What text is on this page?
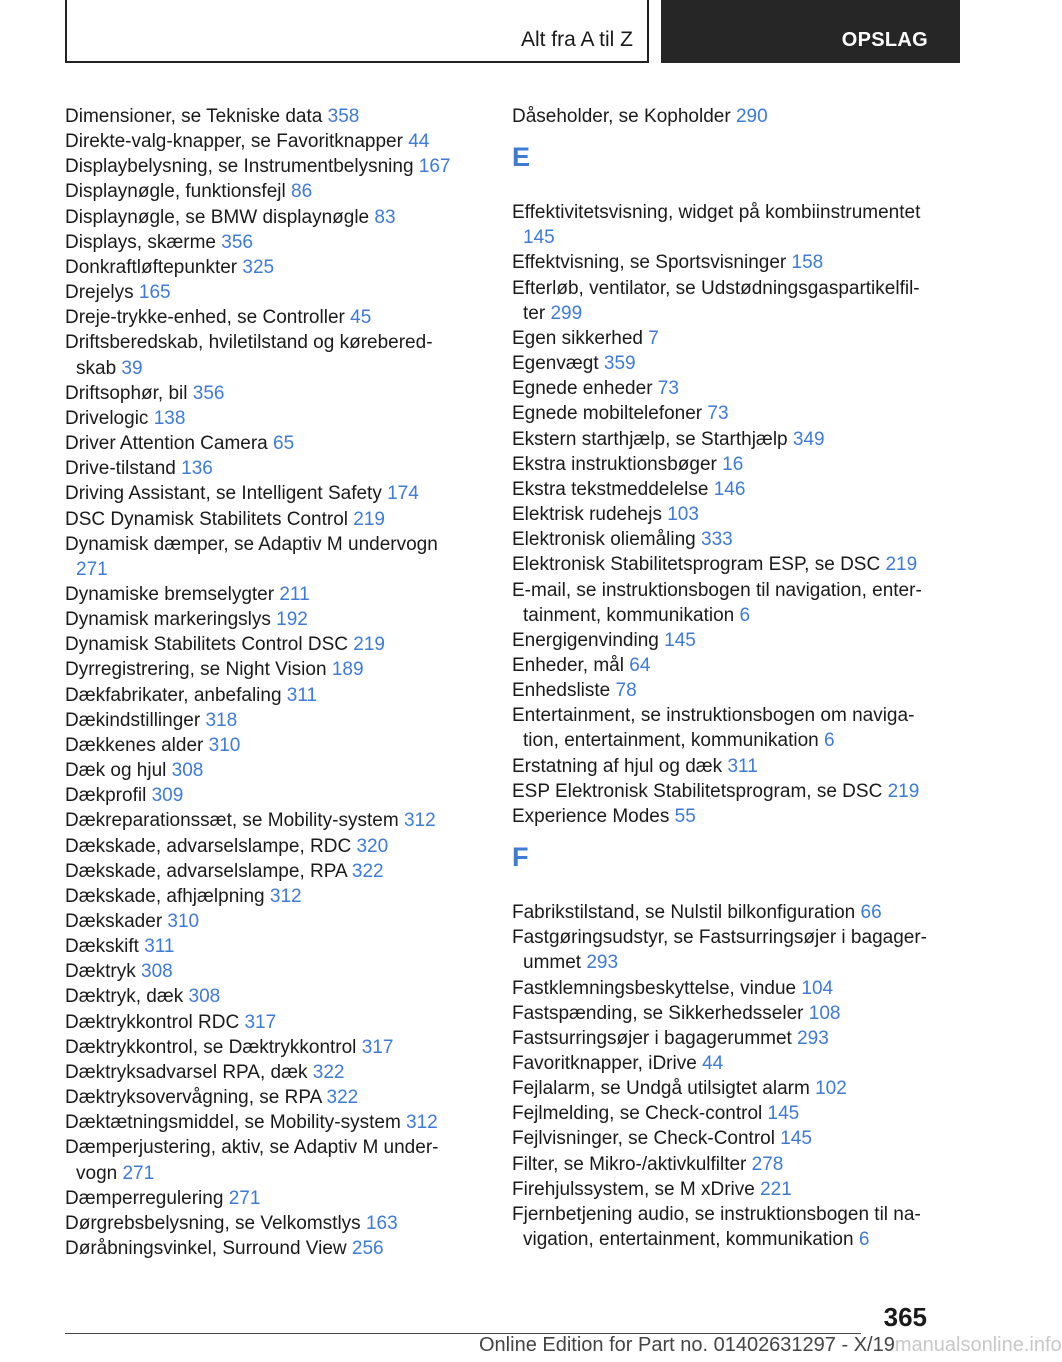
Alt fra A til Z	OPSLAG
Dimensioner, se Tekniske data 358
Direkte-valg-knapper, se Favoritknapper 44
Displaybelysning, se Instrumentbelysning 167
Displaynøgle, funktionsfejl 86
Displaynøgle, se BMW displaynøgle 83
Displays, skærme 356
Donkraftløftepunkter 325
Drejelys 165
Dreje-trykke-enhed, se Controller 45
Driftsberedskab, hviletilstand og køreberedskab 39
Driftsophør, bil 356
Drivelogic 138
Driver Attention Camera 65
Drive-tilstand 136
Driving Assistant, se Intelligent Safety 174
DSC Dynamisk Stabilitets Control 219
Dynamisk dæmper, se Adaptiv M undervogn 271
Dynamiske bremselygter 211
Dynamisk markeringslys 192
Dynamisk Stabilitets Control DSC 219
Dyrregistrering, se Night Vision 189
Dækfabrikater, anbefaling 311
Dækindstillinger 318
Dækkenes alder 310
Dæk og hjul 308
Dækprofil 309
Dækreparationssæt, se Mobility-system 312
Dækskade, advarselslampe, RDC 320
Dækskade, advarselslampe, RPA 322
Dækskade, afhjælpning 312
Dækskader 310
Dækskift 311
Dæktryk 308
Dæktryk, dæk 308
Dæktrykkontrol RDC 317
Dæktrykkontrol, se Dæktrykkontrol 317
Dæktryksadvarsel RPA, dæk 322
Dæktryksovervågning, se RPA 322
Dæktætningsmiddel, se Mobility-system 312
Dæmperjustering, aktiv, se Adaptiv M undervogn 271
Dæmperregulering 271
Dørgrebsbelysning, se Velkomstlys 163
Døråbningsvinkel, Surround View 256
Dåseholder, se Kopholder 290
E
Effektivitetsvisning, widget på kombiinstrumentet 145
Effektvisning, se Sportsvisninger 158
Efterløb, ventilator, se Udstødningsgaspartikelfilter 299
Egen sikkerhed 7
Egenvægt 359
Egnede enheder 73
Egnede mobiltelefoner 73
Ekstern starthjælp, se Starthjælp 349
Ekstra instruktionsbøger 16
Ekstra tekstmeddelelse 146
Elektrisk rudehejs 103
Elektronisk oliemåling 333
Elektronisk Stabilitetsprogram ESP, se DSC 219
E-mail, se instruktionsbogen til navigation, entertainment, kommunikation 6
Energigenvinding 145
Enheder, mål 64
Enhedsliste 78
Entertainment, se instruktionsbogen om navigation, entertainment, kommunikation 6
Erstatning af hjul og dæk 311
ESP Elektronisk Stabilitetsprogram, se DSC 219
Experience Modes 55
F
Fabrikstilstand, se Nulstil bilkonfiguration 66
Fastgøringsudstyr, se Fastsurringsøjer i bagagerummet 293
Fastklemningsbeskyttelse, vindue 104
Fastspænding, se Sikkerhedsseler 108
Fastsurringsøjer i bagagerummet 293
Favoritknapper, iDrive 44
Fejlalarm, se Undgå utilsigtet alarm 102
Fejlmelding, se Check-control 145
Fejlvisninger, se Check-Control 145
Filter, se Mikro-/aktivkulfilter 278
Firehjulssystem, se M xDrive 221
Fjernbetjening audio, se instruktionsbogen til navigation, entertainment, kommunikation 6
365
Online Edition for Part no. 01402631297 - X/19manualsonline.info
